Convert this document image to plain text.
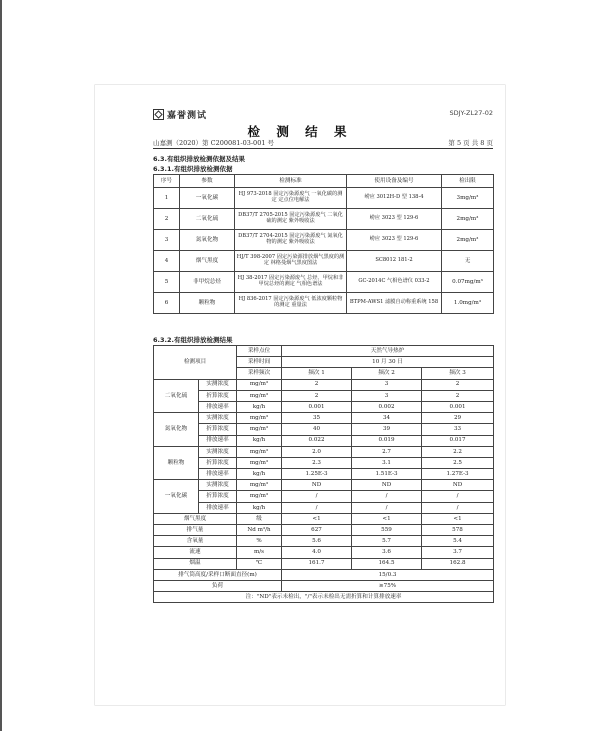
嘉誉测试	SDJY-ZL27-02
检 测 结 果
山嘉测（2020）第 C200081-03-001 号	第 5 页 共 8 页
6.3.有组织排放检测依据及结果
6.3.1.有组织排放检测依据
序号	参数	检测标准	使用设备及编号	检出限
1	一氧化碳	HJ 973-2018 固定污染源废气 一氧化碳的测定 定点位电解法	崂应 3012H-D 型 138-4	3mg/m³
2	二氧化硫	DB37/T 2705-2015 固定污染源废气 二氧化硫的测定 紫外吸收法	崂应 3023 型 129-6	2mg/m³
3	氮氧化物	DB37/T 2704-2015 固定污染源废气 氮氧化物的测定 紫外吸收法	崂应 3023 型 129-6	2mg/m³
4	烟气黑度	HJ/T 398-2007 固定污染源排放烟气黑度的测定 林格曼烟气黑度图法	SC8012 181-2	无
5	非甲烷总烃	HJ 38-2017 固定污染源废气 总烃、甲烷和非甲烷总烃的测定 气相色谱法	GC-2014C 气相色谱仪 033-2	0.07mg/m³
6	颗粒物	HJ 836-2017 固定污染源废气 低浓度颗粒物的测定 重量法	BTPM-AWS1 滤膜自动称重系统 158	1.0mg/m³
6.3.2.有组织排放检测结果
检测项目		采样点位	天然气导热炉		
		采样时间	10 月 30 日		
		采样频次	频次 1	频次 2	频次 3
二氧化硫	实测浓度	mg/m³	2	3	2
	折算浓度	mg/m³	2	3	2
	排放速率	kg/h	0.001	0.002	0.001
氮氧化物	实测浓度	mg/m³	35	34	29
	折算浓度	mg/m³	40	39	33
	排放速率	kg/h	0.022	0.019	0.017
颗粒物	实测浓度	mg/m³	2.0	2.7	2.2
	折算浓度	mg/m³	2.3	3.1	2.5
	排放速率	kg/h	1.25E-3	1.51E-3	1.27E-3
一氧化碳	实测浓度	mg/m³	ND	ND	ND
	折算浓度	mg/m³	/	/	/
	排放速率	kg/h	/	/	/
烟气黑度		级	<1	<1	<1
排气量		Nd m³/h	627	559	578
含氧量		%	5.6	5.7	5.4
流速		m/s	4.0	3.6	3.7
烟温		℃	161.7	164.5	162.8
排气筒高度/采样口断面直径(m)			15/0.3		
负荷			≥75%		
注："ND"表示未检出，"/"表示未检出无需折算和计算排放速率					
